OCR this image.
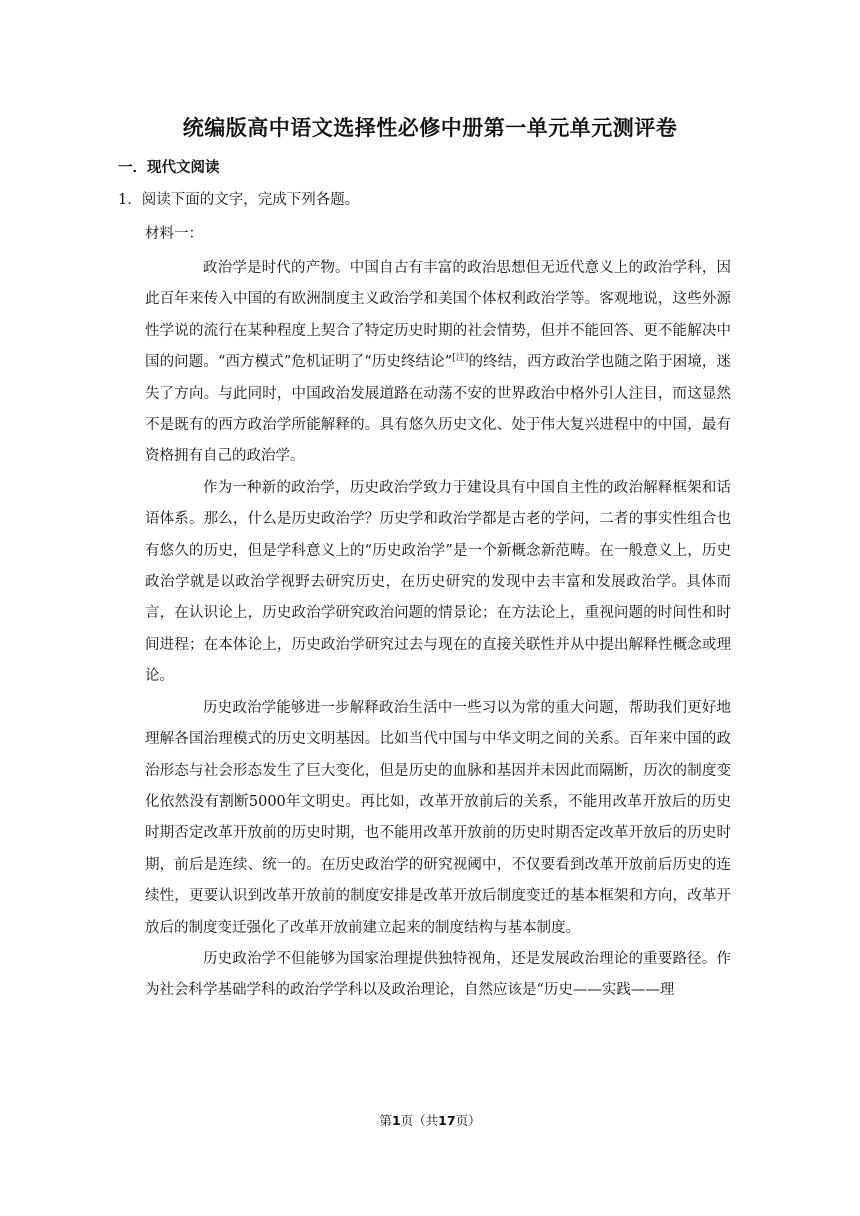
统编版高中语文选择性必修中册第一单元单元测评卷
一．现代文阅读
1．阅读下面的文字，完成下列各题。
材料一：

政治学是时代的产物。中国自古有丰富的政治思想但无近代意义上的政治学科，因此百年来传入中国的有欧洲制度主义政治学和美国个体权利政治学等。客观地说，这些外源性学说的流行在某种程度上契合了特定历史时期的社会情势，但并不能回答、更不能解决中国的问题。“西方模式”危机证明了“历史终结论”[注]的终结，西方政治学也随之陷于困境，迷失了方向。与此同时，中国政治发展道路在动荡不安的世界政治中格外引人注目，而这显然不是既有的西方政治学所能解释的。具有悠久历史文化、处于伟大复兴进程中的中国，最有资格拥有自己的政治学。

作为一种新的政治学，历史政治学致力于建设具有中国自主性的政治解释框架和话语体系。那么，什么是历史政治学？历史学和政治学都是古老的学问，二者的事实性组合也有悠久的历史，但是学科意义上的“历史政治学”是一个新概念新范畴。在一般意义上，历史政治学就是以政治学视野去研究历史，在历史研究的发现中去丰富和发展政治学。具体而言，在认识论上，历史政治学研究政治问题的情景论；在方法论上，重视问题的时间性和时间进程；在本体论上，历史政治学研究过去与现在的直接关联性并从中提出解释性概念或理论。

历史政治学能够进一步解释政治生活中一些习以为常的重大问题，帮助我们更好地理解各国治理模式的历史文明基因。比如当代中国与中华文明之间的关系。百年来中国的政治形态与社会形态发生了巨大变化，但是历史的血脉和基因并未因此而隔断，历次的制度变化依然没有割断5000年文明史。再比如，改革开放前后的关系，不能用改革开放后的历史时期否定改革开放前的历史时期，也不能用改革开放前的历史时期否定改革开放后的历史时期，前后是连续、统一的。在历史政治学的研究视阈中，不仅要看到改革开放前后历史的连续性，更要认识到改革开放前的制度安排是改革开放后制度变迁的基本框架和方向，改革开放后的制度变迁强化了改革开放前建立起来的制度结构与基本制度。

历史政治学不但能够为国家治理提供独特视角，还是发展政治理论的重要路径。作为社会科学基础学科的政治学学科以及政治理论，自然应该是“历史——实践——理

第1页（共17页）
